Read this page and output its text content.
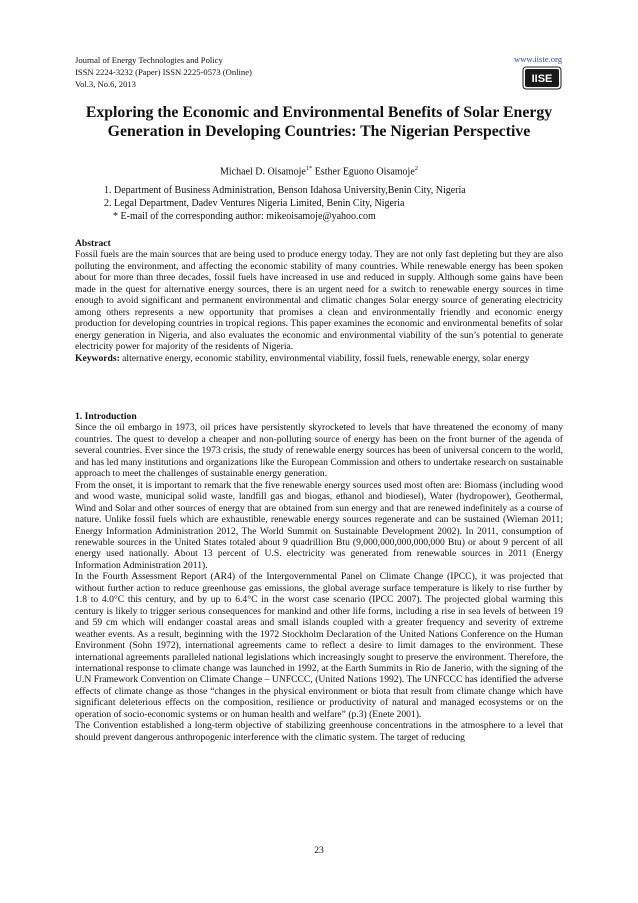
Journal of Energy Technologies and Policy
ISSN 2224-3232 (Paper) ISSN 2225-0573 (Online)
Vol.3, No.6, 2013
www.iiste.org
IISE
Exploring the Economic and Environmental Benefits of Solar Energy Generation in Developing Countries: The Nigerian Perspective
Michael D. Oisamoje$^{1*}$ Esther Eguono Oisamoje$^2$
1. Department of Business Administration, Benson Idahosa University,Benin City, Nigeria
2. Legal Department, Dadev Ventures Nigeria Limited, Benin City, Nigeria
* E-mail of the corresponding author: mikeoisamoje@yahoo.com
Abstract
Fossil fuels are the main sources that are being used to produce energy today. They are not only fast depleting but they are also polluting the environment, and affecting the economic stability of many countries. While renewable energy has been spoken about for more than three decades, fossil fuels have increased in use and reduced in supply. Although some gains have been made in the quest for alternative energy sources, there is an urgent need for a switch to renewable energy sources in time enough to avoid significant and permanent environmental and climatic changes Solar energy source of generating electricity among others represents a new opportunity that promises a clean and environmentally friendly and economic energy production for developing countries in tropical regions. This paper examines the economic and environmental benefits of solar energy generation in Nigeria, and also evaluates the economic and environmental viability of the sun’s potential to generate electricity power for majority of the residents of Nigeria.
Keywords: alternative energy, economic stability, environmental viability, fossil fuels, renewable energy, solar energy
1. Introduction
Since the oil embargo in 1973, oil prices have persistently skyrocketed to levels that have threatened the economy of many countries. The quest to develop a cheaper and non-polluting source of energy has been on the front burner of the agenda of several countries. Ever since the 1973 crisis, the study of renewable energy sources has been of universal concern to the world, and has led many institutions and organizations like the European Commission and others to undertake research on sustainable approach to meet the challenges of sustainable energy generation.
From the onset, it is important to remark that the five renewable energy sources used most often are: Biomass (including wood and wood waste, municipal solid waste, landfill gas and biogas, ethanol and biodiesel), Water (hydropower), Geothermal, Wind and Solar and other sources of energy that are obtained from sun energy and that are renewed indefinitely as a course of nature. Unlike fossil fuels which are exhaustible, renewable energy sources regenerate and can be sustained (Wieman 2011; Energy Information Administration 2012, The World Summit on Sustainable Development 2002). In 2011, consumption of renewable sources in the United States totaled about 9 quadrillion Btu (9,000,000,000,000,000 Btu) or about 9 percent of all energy used nationally. About 13 percent of U.S. electricity was generated from renewable sources in 2011 (Energy Information Administration 2011).
In the Fourth Assessment Report (AR4) of the Intergovernmental Panel on Climate Change (IPCC), it was projected that without further action to reduce greenhouse gas emissions, the global average surface temperature is likely to rise further by 1.8 to 4.0°C this century, and by up to 6.4°C in the worst case scenario (IPCC 2007). The projected global warming this century is likely to trigger serious consequences for mankind and other life forms, including a rise in sea levels of between 19 and 59 cm which will endanger coastal areas and small islands coupled with a greater frequency and severity of extreme weather events. As a result, beginning with the 1972 Stockholm Declaration of the United Nations Conference on the Human Environment (Sohn 1972), international agreements came to reflect a desire to limit damages to the environment. These international agreements paralleled national legislations which increasingly sought to preserve the environment. Therefore, the international response to climate change was launched in 1992, at the Earth Summits in Rio de Janerio, with the signing of the U.N Framework Convention on Climate Change – UNFCCC, (United Nations 1992). The UNFCCC has identified the adverse effects of climate change as those “changes in the physical environment or biota that result from climate change which have significant deleterious effects on the composition, resilience or productivity of natural and managed ecosystems or on the operation of socio-economic systems or on human health and welfare” (p.3) (Enete 2001).
The Convention established a long-term objective of stabilizing greenhouse concentrations in the atmosphere to a level that should prevent dangerous anthropogenic interference with the climatic system. The target of reducing
23
